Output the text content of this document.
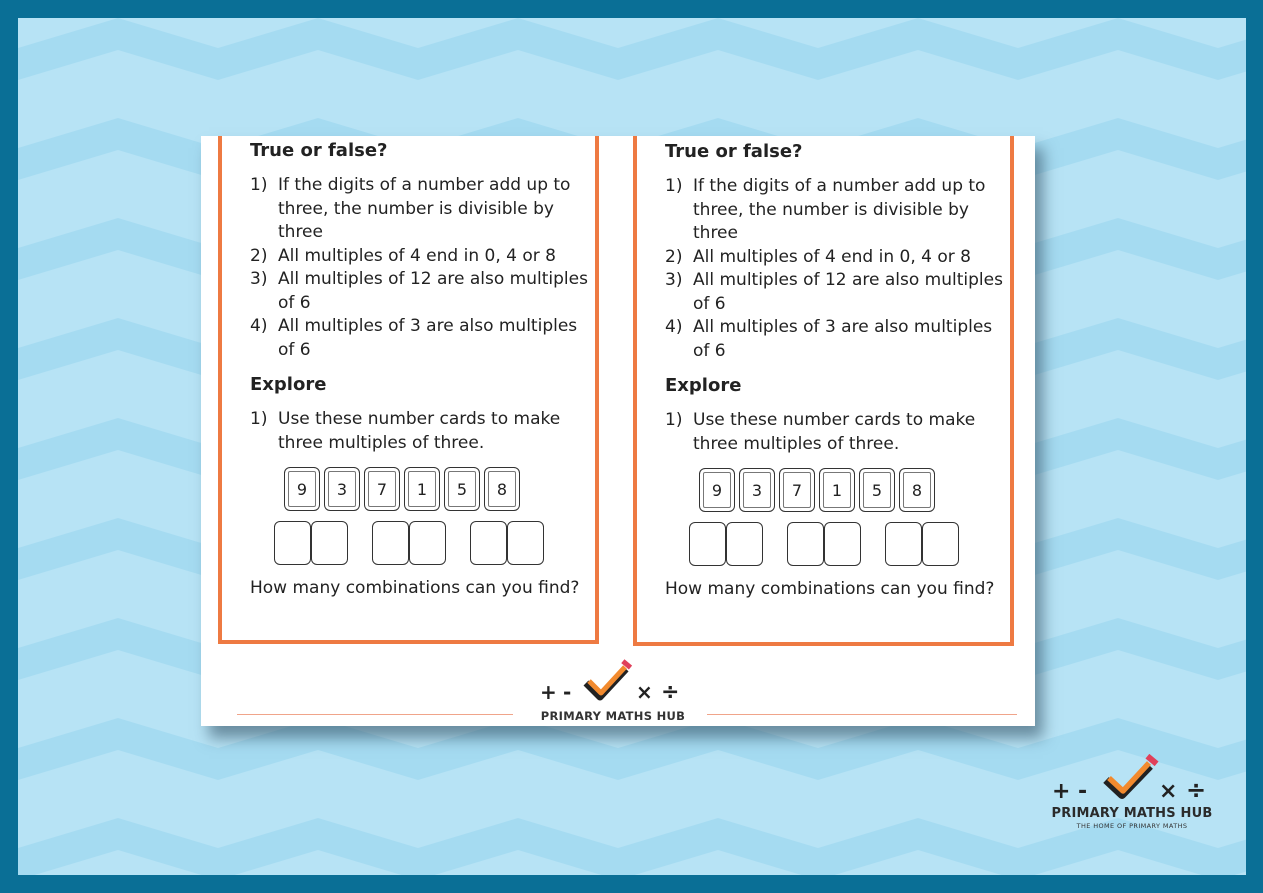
True or false?
1) If the digits of a number add up to three, the number is divisible by three
2) All multiples of 4 end in 0, 4 or 8
3) All multiples of 12 are also multiples of 6
4) All multiples of 3 are also multiples of 6
Explore
1) Use these number cards to make three multiples of three.
9	3	7	1	5	8
How many combinations can you find?
True or false?
1) If the digits of a number add up to three, the number is divisible by three
2) All multiples of 4 end in 0, 4 or 8
3) All multiples of 12 are also multiples of 6
4) All multiples of 3 are also multiples of 6
Explore
1) Use these number cards to make three multiples of three.
9	3	7	1	5	8
How many combinations can you find?
+ -	× ÷
PRIMARY MATHS HUB
+ -	× ÷
PRIMARY MATHS HUB
THE HOME OF PRIMARY MATHS
